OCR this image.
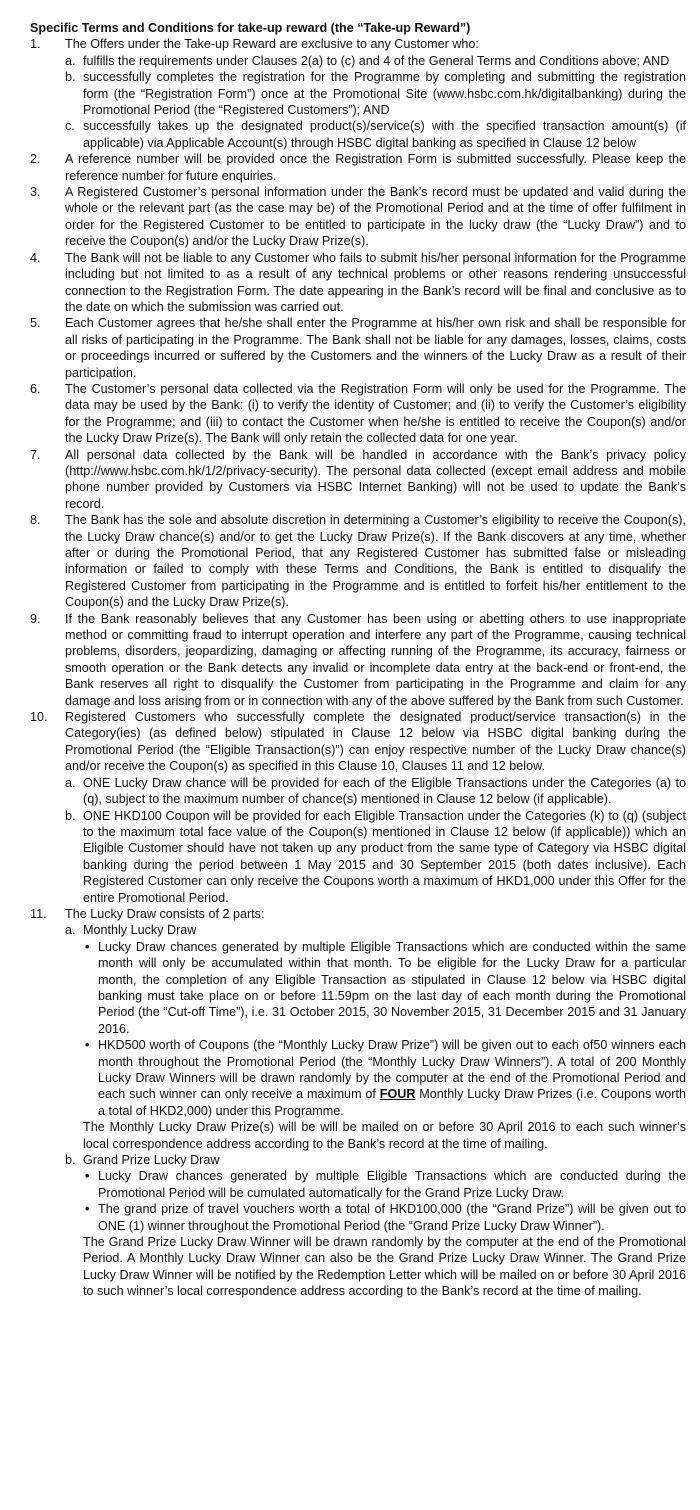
Specific Terms and Conditions for take-up reward (the “Take-up Reward”)
1.	The Offers under the Take-up Reward are exclusive to any Customer who:
a. fulfills the requirements under Clauses 2(a) to (c) and 4 of the General Terms and Conditions above; AND
b. successfully completes the registration for the Programme by completing and submitting the registration form (the “Registration Form”) once at the Promotional Site (www.hsbc.com.hk/digitalbanking) during the Promotional Period (the “Registered Customers”); AND
c. successfully takes up the designated product(s)/service(s) with the specified transaction amount(s) (if applicable) via Applicable Account(s) through HSBC digital banking as specified in Clause 12 below
2.	A reference number will be provided once the Registration Form is submitted successfully. Please keep the reference number for future enquiries.
3.	A Registered Customer’s personal information under the Bank’s record must be updated and valid during the whole or the relevant part (as the case may be) of the Promotional Period and at the time of offer fulfilment in order for the Registered Customer to be entitled to participate in the lucky draw (the “Lucky Draw”) and to receive the Coupon(s) and/or the Lucky Draw Prize(s).
4.	The Bank will not be liable to any Customer who fails to submit his/her personal information for the Programme including but not limited to as a result of any technical problems or other reasons rendering unsuccessful connection to the Registration Form. The date appearing in the Bank’s record will be final and conclusive as to the date on which the submission was carried out.
5.	Each Customer agrees that he/she shall enter the Programme at his/her own risk and shall be responsible for all risks of participating in the Programme. The Bank shall not be liable for any damages, losses, claims, costs or proceedings incurred or suffered by the Customers and the winners of the Lucky Draw as a result of their participation.
6.	The Customer’s personal data collected via the Registration Form will only be used for the Programme. The data may be used by the Bank: (i) to verify the identity of Customer; and (ii) to verify the Customer’s eligibility for the Programme; and (iii) to contact the Customer when he/she is entitled to receive the Coupon(s) and/or the Lucky Draw Prize(s). The Bank will only retain the collected data for one year.
7.	All personal data collected by the Bank will be handled in accordance with the Bank’s privacy policy (http://www.hsbc.com.hk/1/2/privacy-security). The personal data collected (except email address and mobile phone number provided by Customers via HSBC Internet Banking) will not be used to update the Bank’s record.
8.	The Bank has the sole and absolute discretion in determining a Customer’s eligibility to receive the Coupon(s), the Lucky Draw chance(s) and/or to get the Lucky Draw Prize(s). If the Bank discovers at any time, whether after or during the Promotional Period, that any Registered Customer has submitted false or misleading information or failed to comply with these Terms and Conditions, the Bank is entitled to disqualify the Registered Customer from participating in the Programme and is entitled to forfeit his/her entitlement to the Coupon(s) and the Lucky Draw Prize(s).
9.	If the Bank reasonably believes that any Customer has been using or abetting others to use inappropriate method or committing fraud to interrupt operation and interfere any part of the Programme, causing technical problems, disorders, jeopardizing, damaging or affecting running of the Programme, its accuracy, fairness or smooth operation or the Bank detects any invalid or incomplete data entry at the back-end or front-end, the Bank reserves all right to disqualify the Customer from participating in the Programme and claim for any damage and loss arising from or in connection with any of the above suffered by the Bank from such Customer.
10.	Registered Customers who successfully complete the designated product/service transaction(s) in the Category(ies) (as defined below) stipulated in Clause 12 below via HSBC digital banking during the Promotional Period (the “Eligible Transaction(s)”) can enjoy respective number of the Lucky Draw chance(s) and/or receive the Coupon(s) as specified in this Clause 10, Clauses 11 and 12 below.
a. ONE Lucky Draw chance will be provided for each of the Eligible Transactions under the Categories (a) to (q), subject to the maximum number of chance(s) mentioned in Clause 12 below (if applicable).
b. ONE HKD100 Coupon will be provided for each Eligible Transaction under the Categories (k) to (q) (subject to the maximum total face value of the Coupon(s) mentioned in Clause 12 below (if applicable)) which an Eligible Customer should have not taken up any product from the same type of Category via HSBC digital banking during the period between 1 May 2015 and 30 September 2015 (both dates inclusive). Each Registered Customer can only receive the Coupons worth a maximum of HKD1,000 under this Offer for the entire Promotional Period.
11.	The Lucky Draw consists of 2 parts:
a. Monthly Lucky Draw
• Lucky Draw chances generated by multiple Eligible Transactions which are conducted within the same month will only be accumulated within that month. To be eligible for the Lucky Draw for a particular month, the completion of any Eligible Transaction as stipulated in Clause 12 below via HSBC digital banking must take place on or before 11.59pm on the last day of each month during the Promotional Period (the “Cut-off Time”), i.e. 31 October 2015, 30 November 2015, 31 December 2015 and 31 January 2016.
• HKD500 worth of Coupons (the “Monthly Lucky Draw Prize”) will be given out to each of50 winners each month throughout the Promotional Period (the “Monthly Lucky Draw Winners”). A total of 200 Monthly Lucky Draw Winners will be drawn randomly by the computer at the end of the Promotional Period and each such winner can only receive a maximum of FOUR Monthly Lucky Draw Prizes (i.e. Coupons worth a total of HKD2,000) under this Programme.
The Monthly Lucky Draw Prize(s) will be will be mailed on or before 30 April 2016 to each such winner’s local correspondence address according to the Bank’s record at the time of mailing.
b. Grand Prize Lucky Draw
• Lucky Draw chances generated by multiple Eligible Transactions which are conducted during the Promotional Period will be cumulated automatically for the Grand Prize Lucky Draw.
• The grand prize of travel vouchers worth a total of HKD100,000 (the “Grand Prize”) will be given out to ONE (1) winner throughout the Promotional Period (the “Grand Prize Lucky Draw Winner”).
The Grand Prize Lucky Draw Winner will be drawn randomly by the computer at the end of the Promotional Period. A Monthly Lucky Draw Winner can also be the Grand Prize Lucky Draw Winner. The Grand Prize Lucky Draw Winner will be notified by the Redemption Letter which will be mailed on or before 30 April 2016 to such winner’s local correspondence address according to the Bank’s record at the time of mailing.
